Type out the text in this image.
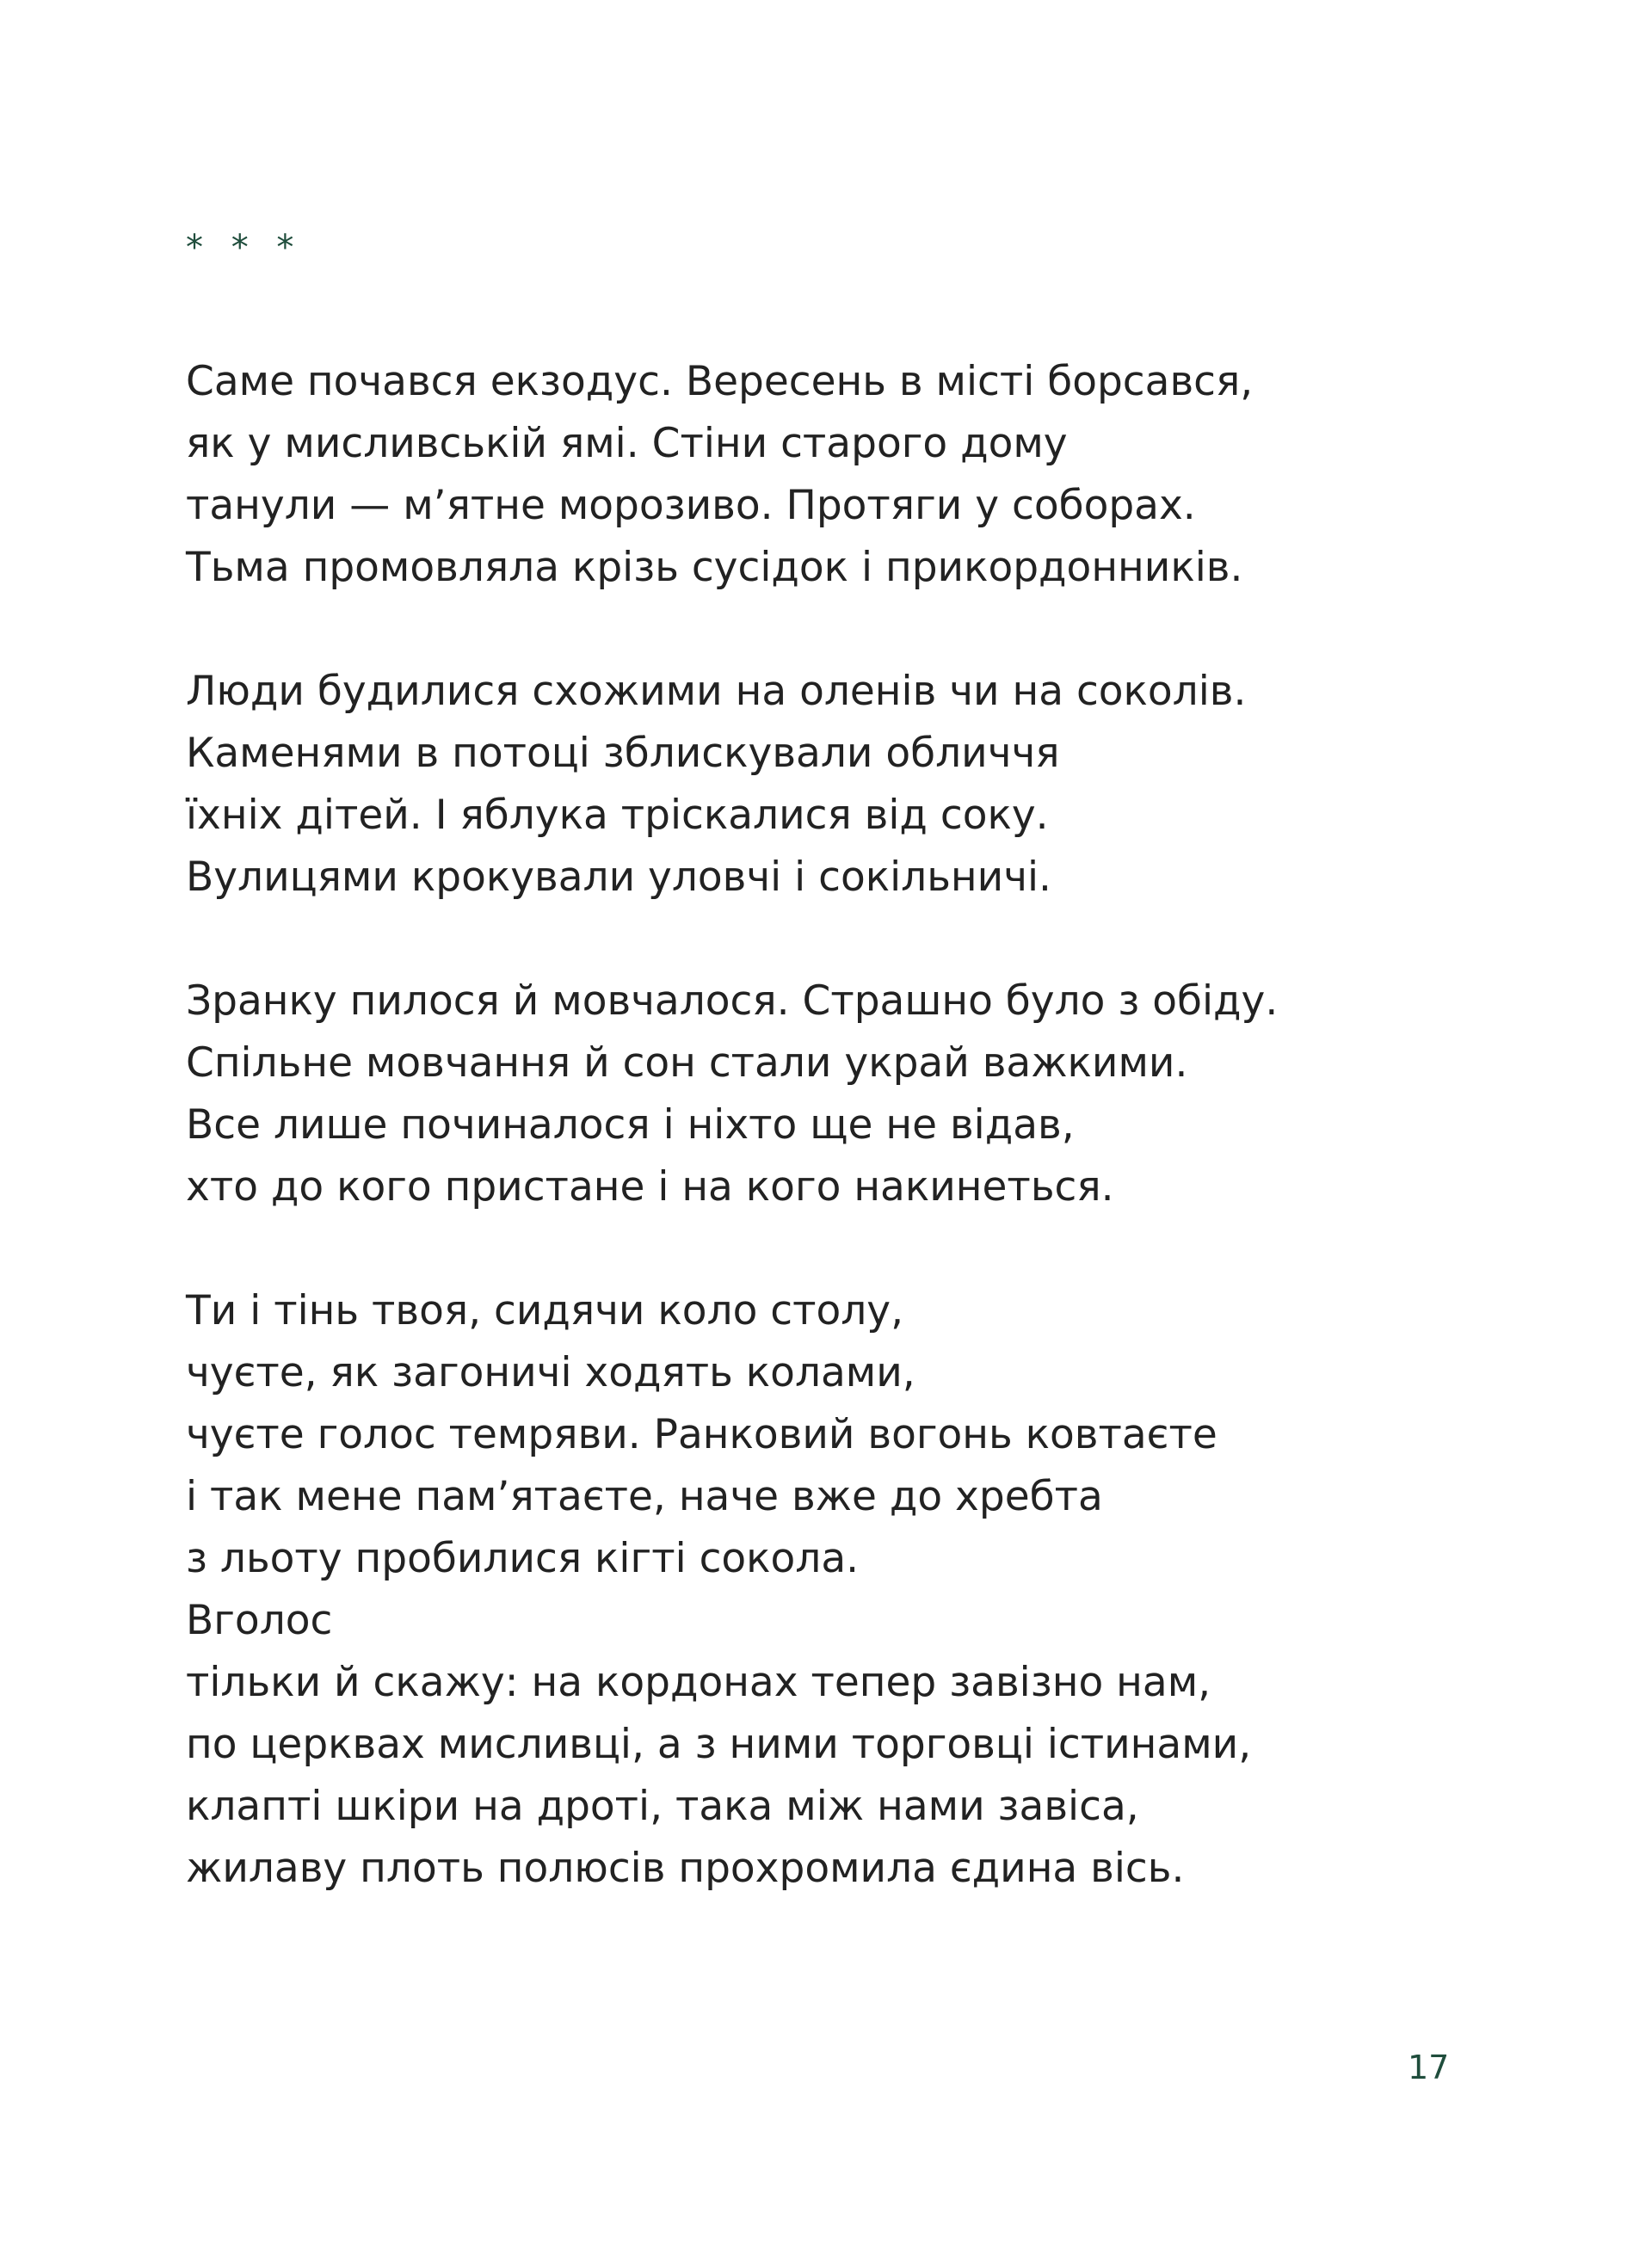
* * *
Саме почався екзодус. Вересень в місті борсався,
як у мисливській ямі. Стіни старого дому
танули — м’ятне морозиво. Протяги у соборах.
Тьма промовляла крізь сусідок і прикордонників.
Люди будилися схожими на оленів чи на соколів.
Каменями в потоці зблискували обличчя
їхніх дітей. І яблука тріскалися від соку.
Вулицями крокували уловчі і сокільничі.
Зранку пилося й мовчалося. Страшно було з обіду.
Спільне мовчання й сон стали украй важкими.
Все лише починалося і ніхто ще не відав,
хто до кого пристане і на кого накинеться.
Ти і тінь твоя, сидячи коло столу,
чуєте, як загоничі ходять колами,
чуєте голос темряви. Ранковий вогонь ковтаєте
і так мене пам’ятаєте, наче вже до хребта
з льоту пробилися кігті сокола.
Вголос
тільки й скажу: на кордонах тепер завізно нам,
по церквах мисливці, а з ними торговці істинами,
клапті шкіри на дроті, така між нами завіса,
жилаву плоть полюсів прохромила єдина вісь.
17
